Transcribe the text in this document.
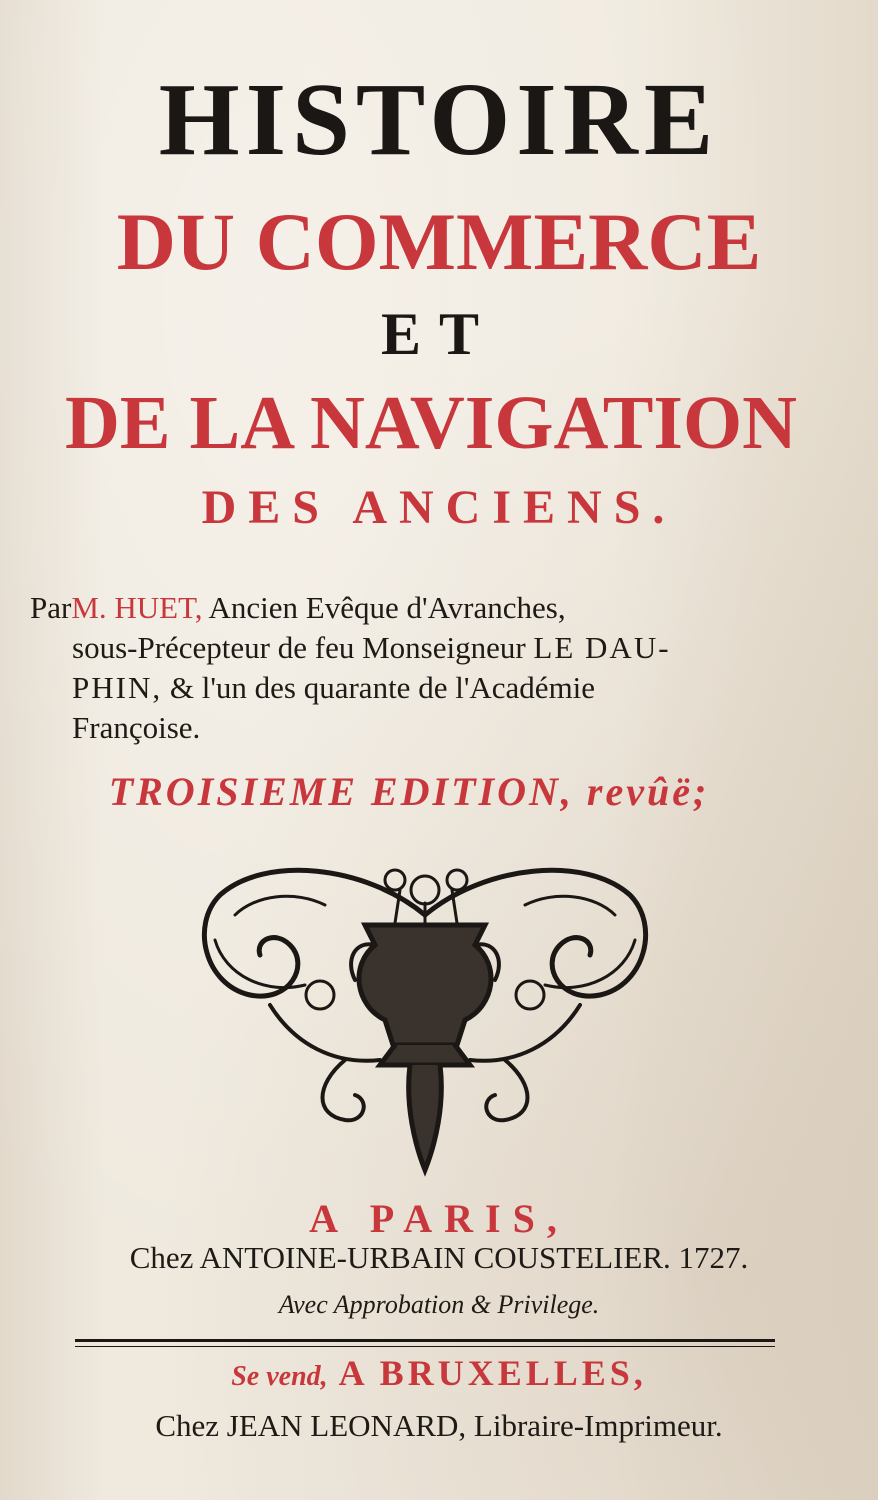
HISTOIRE
DU COMMERCE
ET
DE LA NAVIGATION
DES ANCIENS.
ParM. HUET, Ancien Evêque d'Avranches,
sous-Précepteur de feu Monseigneur LE DAU-
PHIN, & l'un des quarante de l'Académie
Françoise.
TROISIEME EDITION, revûë;
A PARIS,
Chez ANTOINE-URBAIN COUSTELIER. 1727.
Avec Approbation & Privilege.
Se vend, A BRUXELLES,
Chez JEAN LEONARD, Libraire-Imprimeur.
